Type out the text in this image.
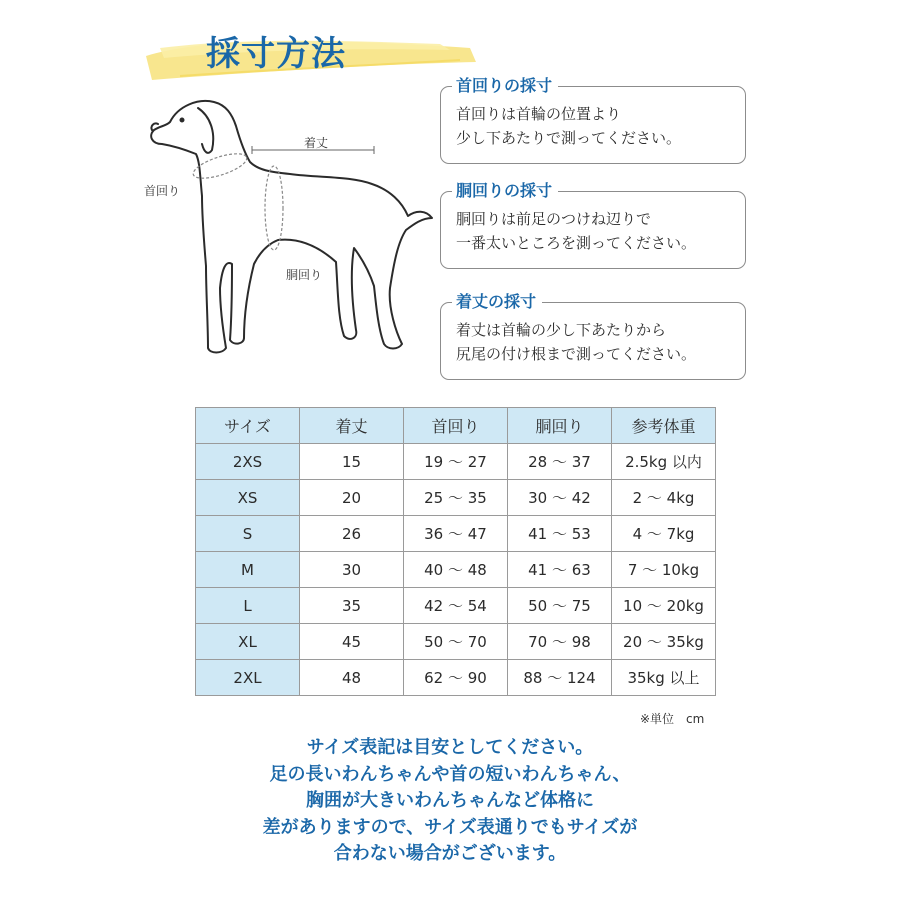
採寸方法
着丈
首回り
胴回り
首回りの採寸
首回りは首輪の位置より
少し下あたりで測ってください。
胴回りの採寸
胴回りは前足のつけね辺りで
一番太いところを測ってください。
着丈の採寸
着丈は首輪の少し下あたりから
尻尾の付け根まで測ってください。
サイズ	着丈	首回り	胴回り	参考体重
2XS	15	19 ～ 27	28 ～ 37	2.5kg 以内
XS	20	25 ～ 35	30 ～ 42	2 ～ 4kg
S	26	36 ～ 47	41 ～ 53	4 ～ 7kg
M	30	40 ～ 48	41 ～ 63	7 ～ 10kg
L	35	42 ～ 54	50 ～ 75	10 ～ 20kg
XL	45	50 ～ 70	70 ～ 98	20 ～ 35kg
2XL	48	62 ～ 90	88 ～ 124	35kg 以上
※単位　cm
サイズ表記は目安としてください。
足の長いわんちゃんや首の短いわんちゃん、
胸囲が大きいわんちゃんなど体格に
差がありますので、サイズ表通りでもサイズが
合わない場合がございます。
